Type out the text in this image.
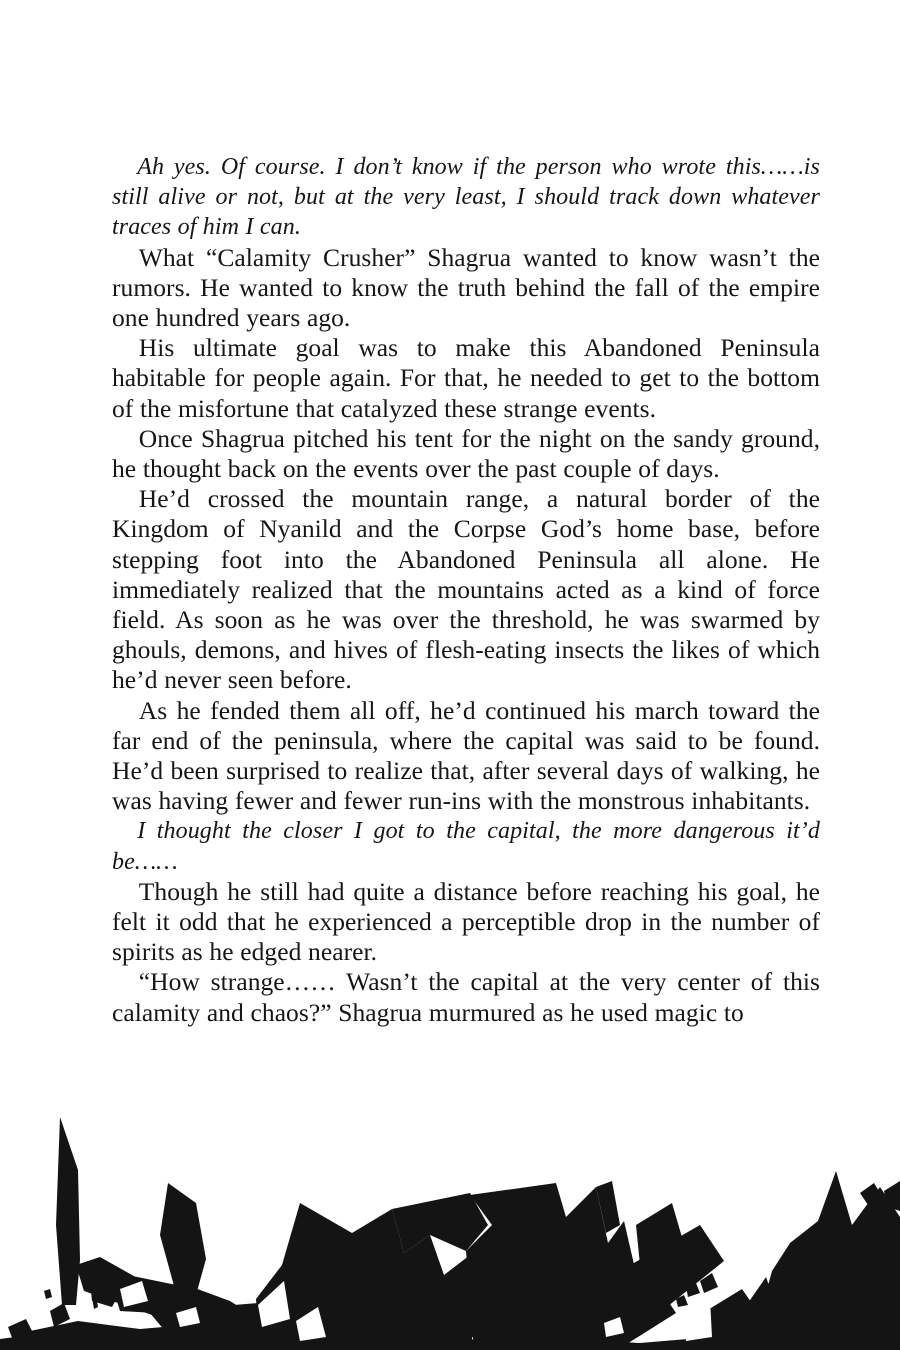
Ah yes. Of course. I don’t know if the person who wrote this……is still alive or not, but at the very least, I should track down whatever traces of him I can.

What “Calamity Crusher” Shagrua wanted to know wasn’t the rumors. He wanted to know the truth behind the fall of the empire one hundred years ago.

His ultimate goal was to make this Abandoned Peninsula habitable for people again. For that, he needed to get to the bottom of the misfortune that catalyzed these strange events.

Once Shagrua pitched his tent for the night on the sandy ground, he thought back on the events over the past couple of days.

He’d crossed the mountain range, a natural border of the Kingdom of Nyanild and the Corpse God’s home base, before stepping foot into the Abandoned Peninsula all alone. He immediately realized that the mountains acted as a kind of force field. As soon as he was over the threshold, he was swarmed by ghouls, demons, and hives of flesh-eating insects the likes of which he’d never seen before.

As he fended them all off, he’d continued his march toward the far end of the peninsula, where the capital was said to be found. He’d been surprised to realize that, after several days of walking, he was having fewer and fewer run-ins with the monstrous inhabitants.

I thought the closer I got to the capital, the more dangerous it’d be……

Though he still had quite a distance before reaching his goal, he felt it odd that he experienced a perceptible drop in the number of spirits as he edged nearer.

“How strange…… Wasn’t the capital at the very center of this calamity and chaos?” Shagrua murmured as he used magic to
